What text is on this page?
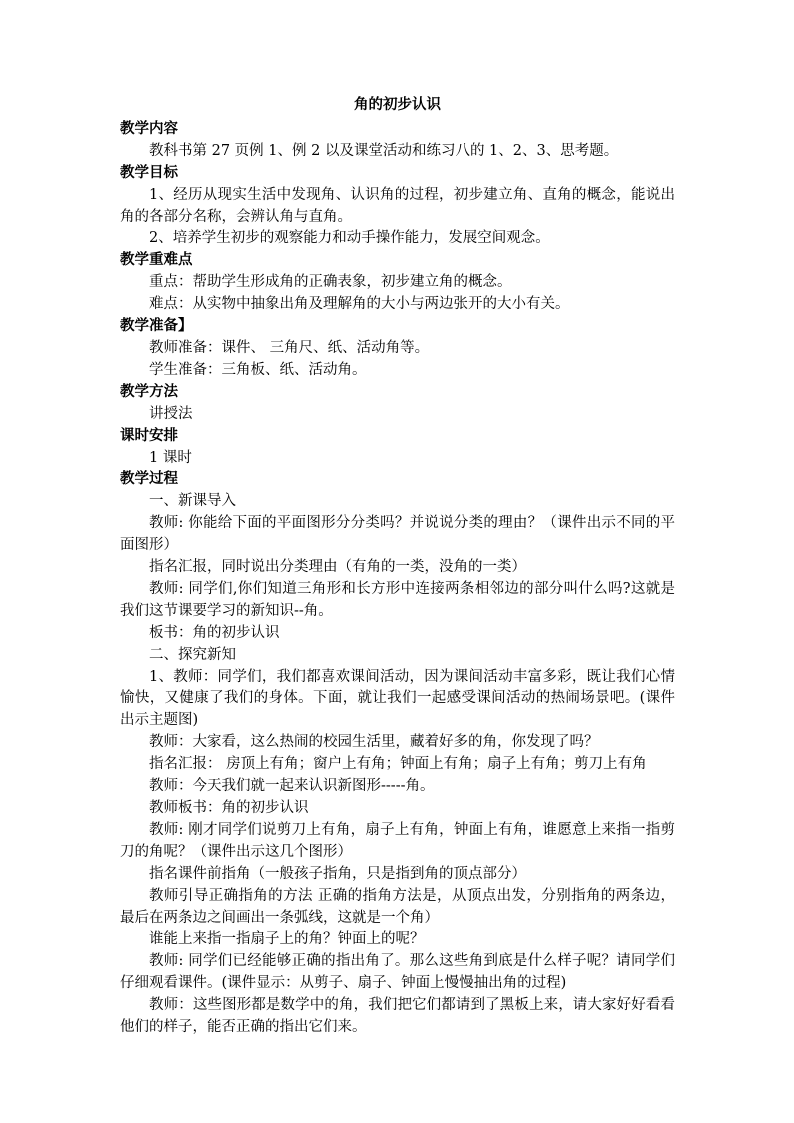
角的初步认识
教学内容
教科书第 27 页例 1、例 2 以及课堂活动和练习八的 1、2、3、思考题。
教学目标
1、经历从现实生活中发现角、认识角的过程，初步建立角、直角的概念，能说出角的各部分名称，会辨认角与直角。
2、培养学生初步的观察能力和动手操作能力，发展空间观念。
教学重难点
重点：帮助学生形成角的正确表象，初步建立角的概念。
难点：从实物中抽象出角及理解角的大小与两边张开的大小有关。
教学准备】
教师准备：课件、 三角尺、纸、活动角等。
学生准备：三角板、纸、活动角。
教学方法
讲授法
课时安排
1 课时
教学过程
一、新课导入
教师: 你能给下面的平面图形分分类吗？并说说分类的理由？（课件出示不同的平面图形）
指名汇报，同时说出分类理由（有角的一类，没角的一类）
教师: 同学们,你们知道三角形和长方形中连接两条相邻边的部分叫什么吗?这就是我们这节课要学习的新知识--角。
板书：角的初步认识
二、探究新知
1、教师：同学们，我们都喜欢课间活动，因为课间活动丰富多彩，既让我们心情愉快，又健康了我们的身体。下面，就让我们一起感受课间活动的热闹场景吧。(课件出示主题图)
教师：大家看，这么热闹的校园生活里，藏着好多的角，你发现了吗？
指名汇报： 房顶上有角；窗户上有角；钟面上有角；扇子上有角；剪刀上有角
教师：今天我们就一起来认识新图形-----角。
教师板书：角的初步认识
教师: 刚才同学们说剪刀上有角，扇子上有角，钟面上有角，谁愿意上来指一指剪刀的角呢？（课件出示这几个图形）
指名课件前指角（一般孩子指角，只是指到角的顶点部分）
教师引导正确指角的方法 正确的指角方法是，从顶点出发，分别指角的两条边，最后在两条边之间画出一条弧线，这就是一个角）
谁能上来指一指扇子上的角？钟面上的呢？
教师: 同学们已经能够正确的指出角了。那么这些角到底是什么样子呢？请同学们仔细观看课件。(课件显示：从剪子、扇子、钟面上慢慢抽出角的过程)
教师：这些图形都是数学中的角，我们把它们都请到了黑板上来，请大家好好看看他们的样子，能否正确的指出它们来。
